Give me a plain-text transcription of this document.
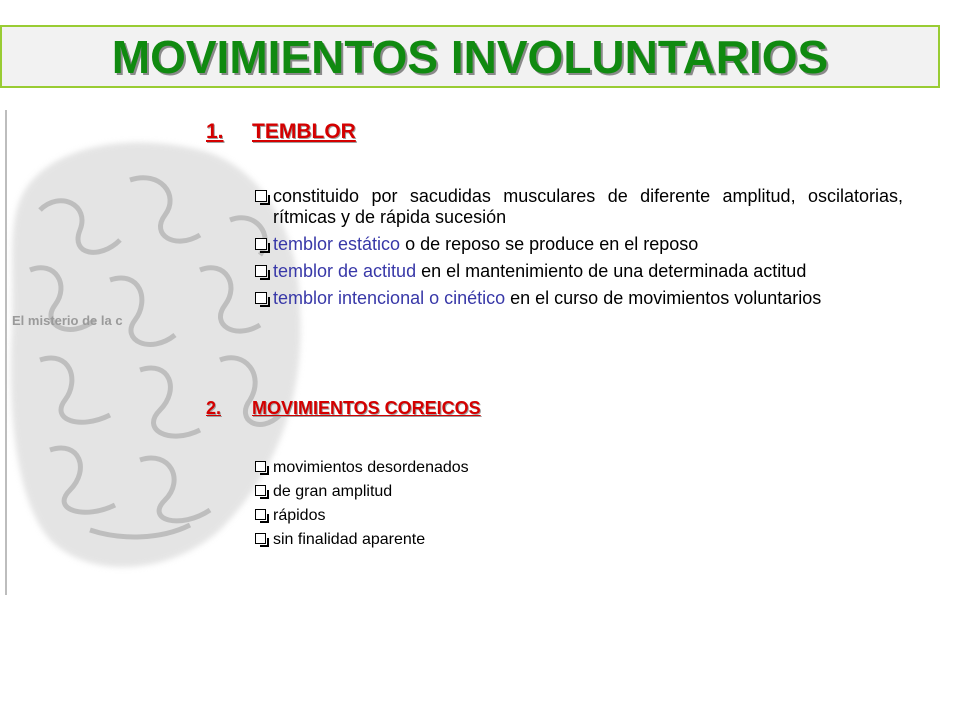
MOVIMIENTOS INVOLUNTARIOS
El misterio de la c
1.	TEMBLOR
constituido por sacudidas musculares de diferente amplitud, oscilatorias, rítmicas y de rápida sucesión
temblor estático o de reposo se produce en el reposo
temblor de actitud en el mantenimiento de una determinada actitud
temblor intencional o cinético en el curso de movimientos voluntarios
2.	MOVIMIENTOS COREICOS
movimientos desordenados
de gran amplitud
rápidos
sin finalidad aparente
